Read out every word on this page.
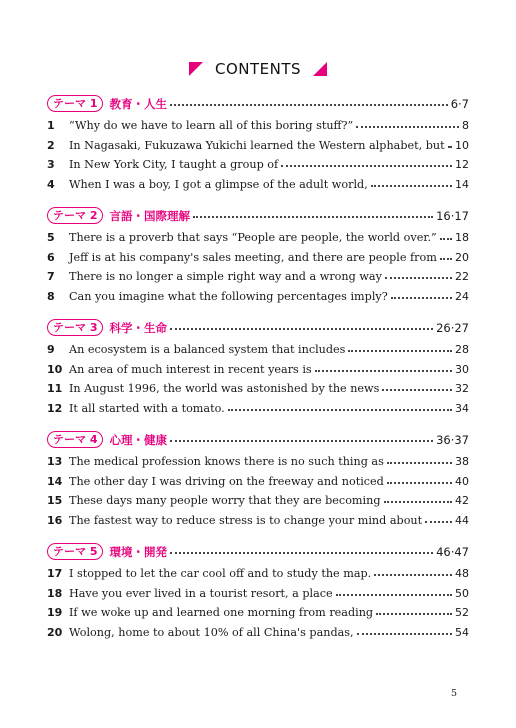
CONTENTS
テーマ 1	教育・人生	6·7
1	“Why do we have to learn all of this boring stuff?”	8
2	In Nagasaki, Fukuzawa Yukichi learned the Western alphabet, but 10
3	In New York City, I taught a group of	12
4	When I was a boy, I got a glimpse of the adult world,	14
テーマ 2	言語・国際理解	16·17
5	There is a proverb that says “People are people, the world over.” 18
6	Jeff is at his company's sales meeting, and there are people from 20
7	There is no longer a simple right way and a wrong way	22
8	Can you imagine what the following percentages imply?	24
テーマ 3	科学・生命	26·27
9	An ecosystem is a balanced system that includes	28
10 An area of much interest in recent years is	30
11 In August 1996, the world was astonished by the news	32
12 It all started with a tomato.	34
テーマ 4	心理・健康	36·37
13 The medical profession knows there is no such thing as	38
14 The other day I was driving on the freeway and noticed	40
15 These days many people worry that they are becoming	42
16 The fastest way to reduce stress is to change your mind about	44
テーマ 5	環境・開発	46·47
17 I stopped to let the car cool off and to study the map.	48
18 Have you ever lived in a tourist resort, a place	50
19 If we woke up and learned one morning from reading	52
20 Wolong, home to about 10% of all China's pandas,	54
5
